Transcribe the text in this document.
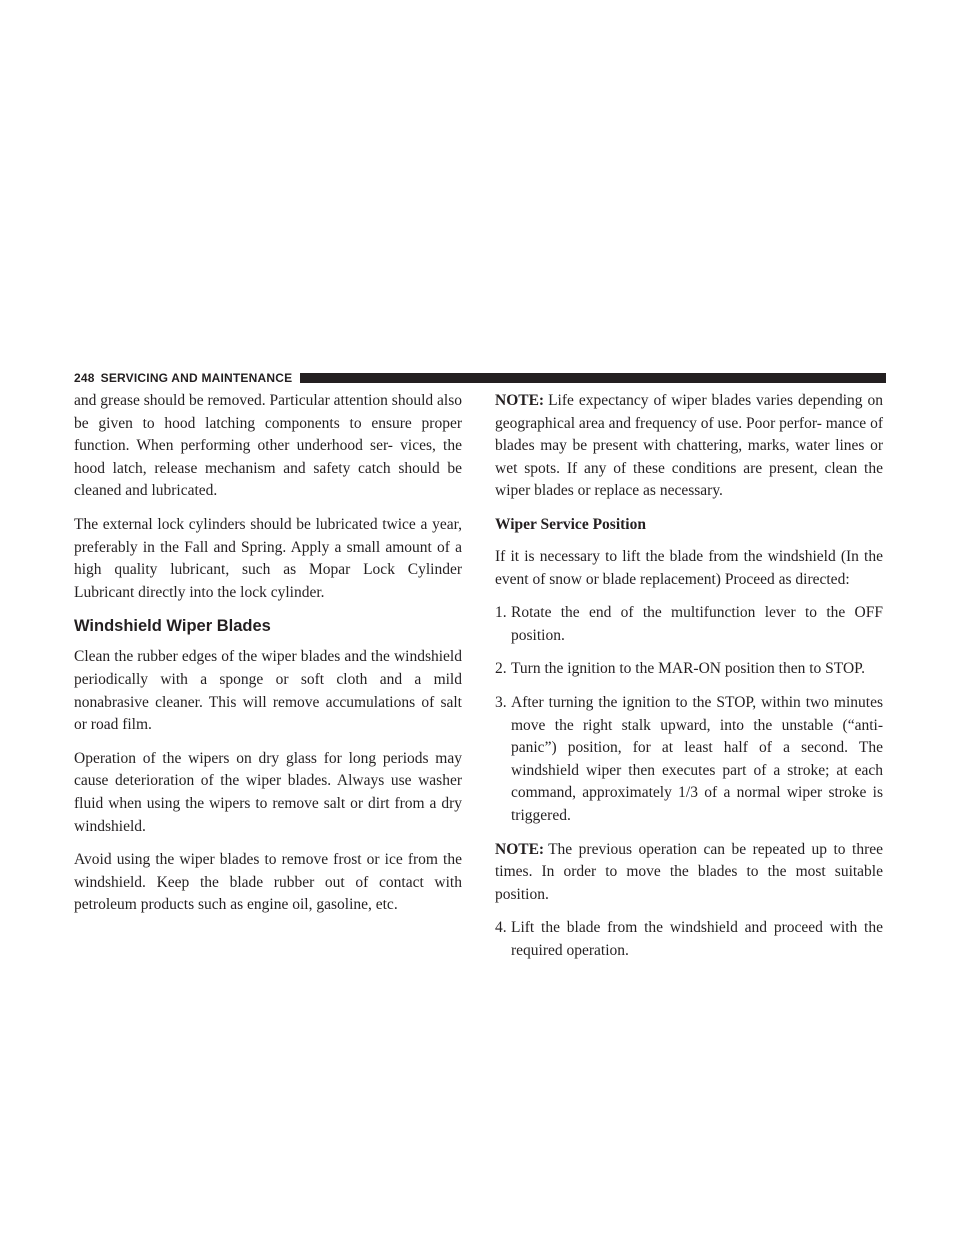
248 SERVICING AND MAINTENANCE

and grease should be removed. Particular attention should also be given to hood latching components to ensure proper function. When performing other underhood ser- vices, the hood latch, release mechanism and safety catch should be cleaned and lubricated.

The external lock cylinders should be lubricated twice a year, preferably in the Fall and Spring. Apply a small amount of a high quality lubricant, such as Mopar Lock Cylinder Lubricant directly into the lock cylinder.

Windshield Wiper Blades

Clean the rubber edges of the wiper blades and the windshield periodically with a sponge or soft cloth and a mild nonabrasive cleaner. This will remove accumulations of salt or road film.

Operation of the wipers on dry glass for long periods may cause deterioration of the wiper blades. Always use washer fluid when using the wipers to remove salt or dirt from a dry windshield.

Avoid using the wiper blades to remove frost or ice from the windshield. Keep the blade rubber out of contact with petroleum products such as engine oil, gasoline, etc.

NOTE: Life expectancy of wiper blades varies depending on geographical area and frequency of use. Poor perfor- mance of blades may be present with chattering, marks, water lines or wet spots. If any of these conditions are present, clean the wiper blades or replace as necessary.

Wiper Service Position

If it is necessary to lift the blade from the windshield (In the event of snow or blade replacement) Proceed as directed:

1. Rotate the end of the multifunction lever to the OFF position.
2. Turn the ignition to the MAR-ON position then to STOP.
3. After turning the ignition to the STOP, within two minutes move the right stalk upward, into the unstable (“anti-panic”) position, for at least half of a second. The windshield wiper then executes part of a stroke; at each command, approximately 1/3 of a normal wiper stroke is triggered.

NOTE: The previous operation can be repeated up to three times. In order to move the blades to the most suitable position.

4. Lift the blade from the windshield and proceed with the required operation.
